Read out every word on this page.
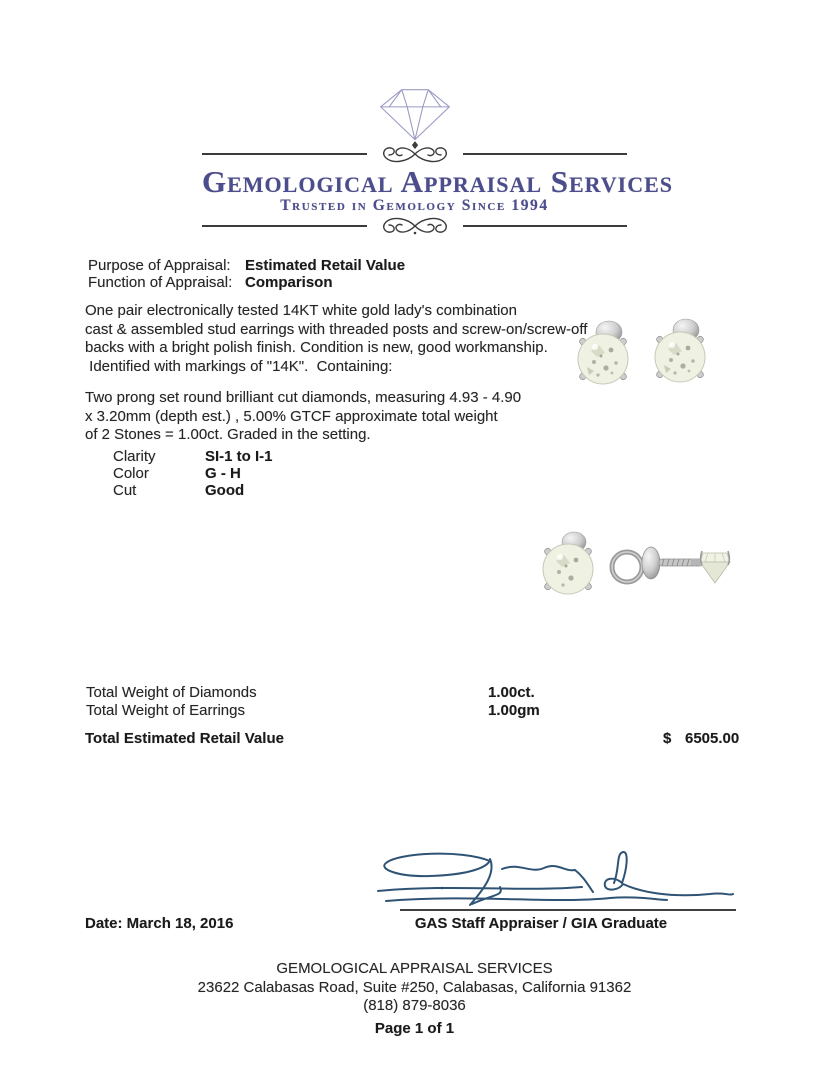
Gemological Appraisal Services
Trusted in Gemology Since 1994
Purpose of Appraisal: Estimated Retail Value
Function of Appraisal: Comparison
One pair electronically tested 14KT white gold lady's combination
cast & assembled stud earrings with threaded posts and screw-on/screw-off
backs with a bright polish finish. Condition is new, good workmanship.
Identified with markings of "14K".  Containing:
Two prong set round brilliant cut diamonds, measuring 4.93 - 4.90
x 3.20mm (depth est.) , 5.00% GTCF approximate total weight
of 2 Stones = 1.00ct. Graded in the setting.
Clarity	SI-1 to I-1
Color	G - H
Cut	Good
Total Weight of Diamonds	1.00ct.
Total Weight of Earrings	1.00gm
Total Estimated Retail Value	$ 6505.00
Date: March 18, 2016	GAS Staff Appraiser / GIA Graduate
GEMOLOGICAL APPRAISAL SERVICES
23622 Calabasas Road, Suite #250, Calabasas, California 91362
(818) 879-8036
Page 1 of 1
